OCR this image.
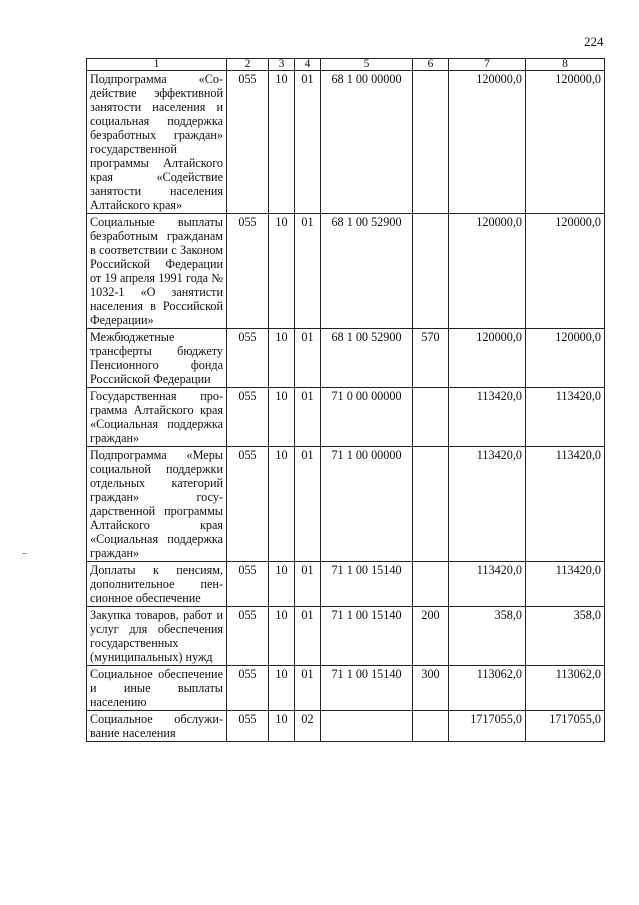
224
1	2	3	4	5	6	7	8
Подпрограмма «Содействие эффективной занятости населения и социальная поддержка безработных граждан» государственной программы Алтайского края «Содействие занятости населения Алтайского края»	055	10	01	68 1 00 00000		120000,0	120000,0
Социальные выплаты безработным гражданам в соответствии с Законом Российской Федерации от 19 апреля 1991 года № 1032-1 «О занятисти населения в Российской Федерации»	055	10	01	68 1 00 52900		120000,0	120000,0
Межбюджетные трансферты бюджету Пенсионного фонда Российской Федерации	055	10	01	68 1 00 52900	570	120000,0	120000,0
Государственная программа Алтайского края «Социальная поддержка граждан»	055	10	01	71 0 00 00000		113420,0	113420,0
Подпрограмма «Меры социальной поддержки отдельных категорий граждан» государственной программы Алтайского края «Социальная поддержка граждан»	055	10	01	71 1 00 00000		113420,0	113420,0
Доплаты к пенсиям, дополнительное пенсионное обеспечение	055	10	01	71 1 00 15140		113420,0	113420,0
Закупка товаров, работ и услуг для обеспечения государственных (муниципальных) нужд	055	10	01	71 1 00 15140	200	358,0	358,0
Социальное обеспечение и иные выплаты населению	055	10	01	71 1 00 15140	300	113062,0	113062,0
Социальное обслуживание населения	055	10	02			1717055,0	1717055,0
